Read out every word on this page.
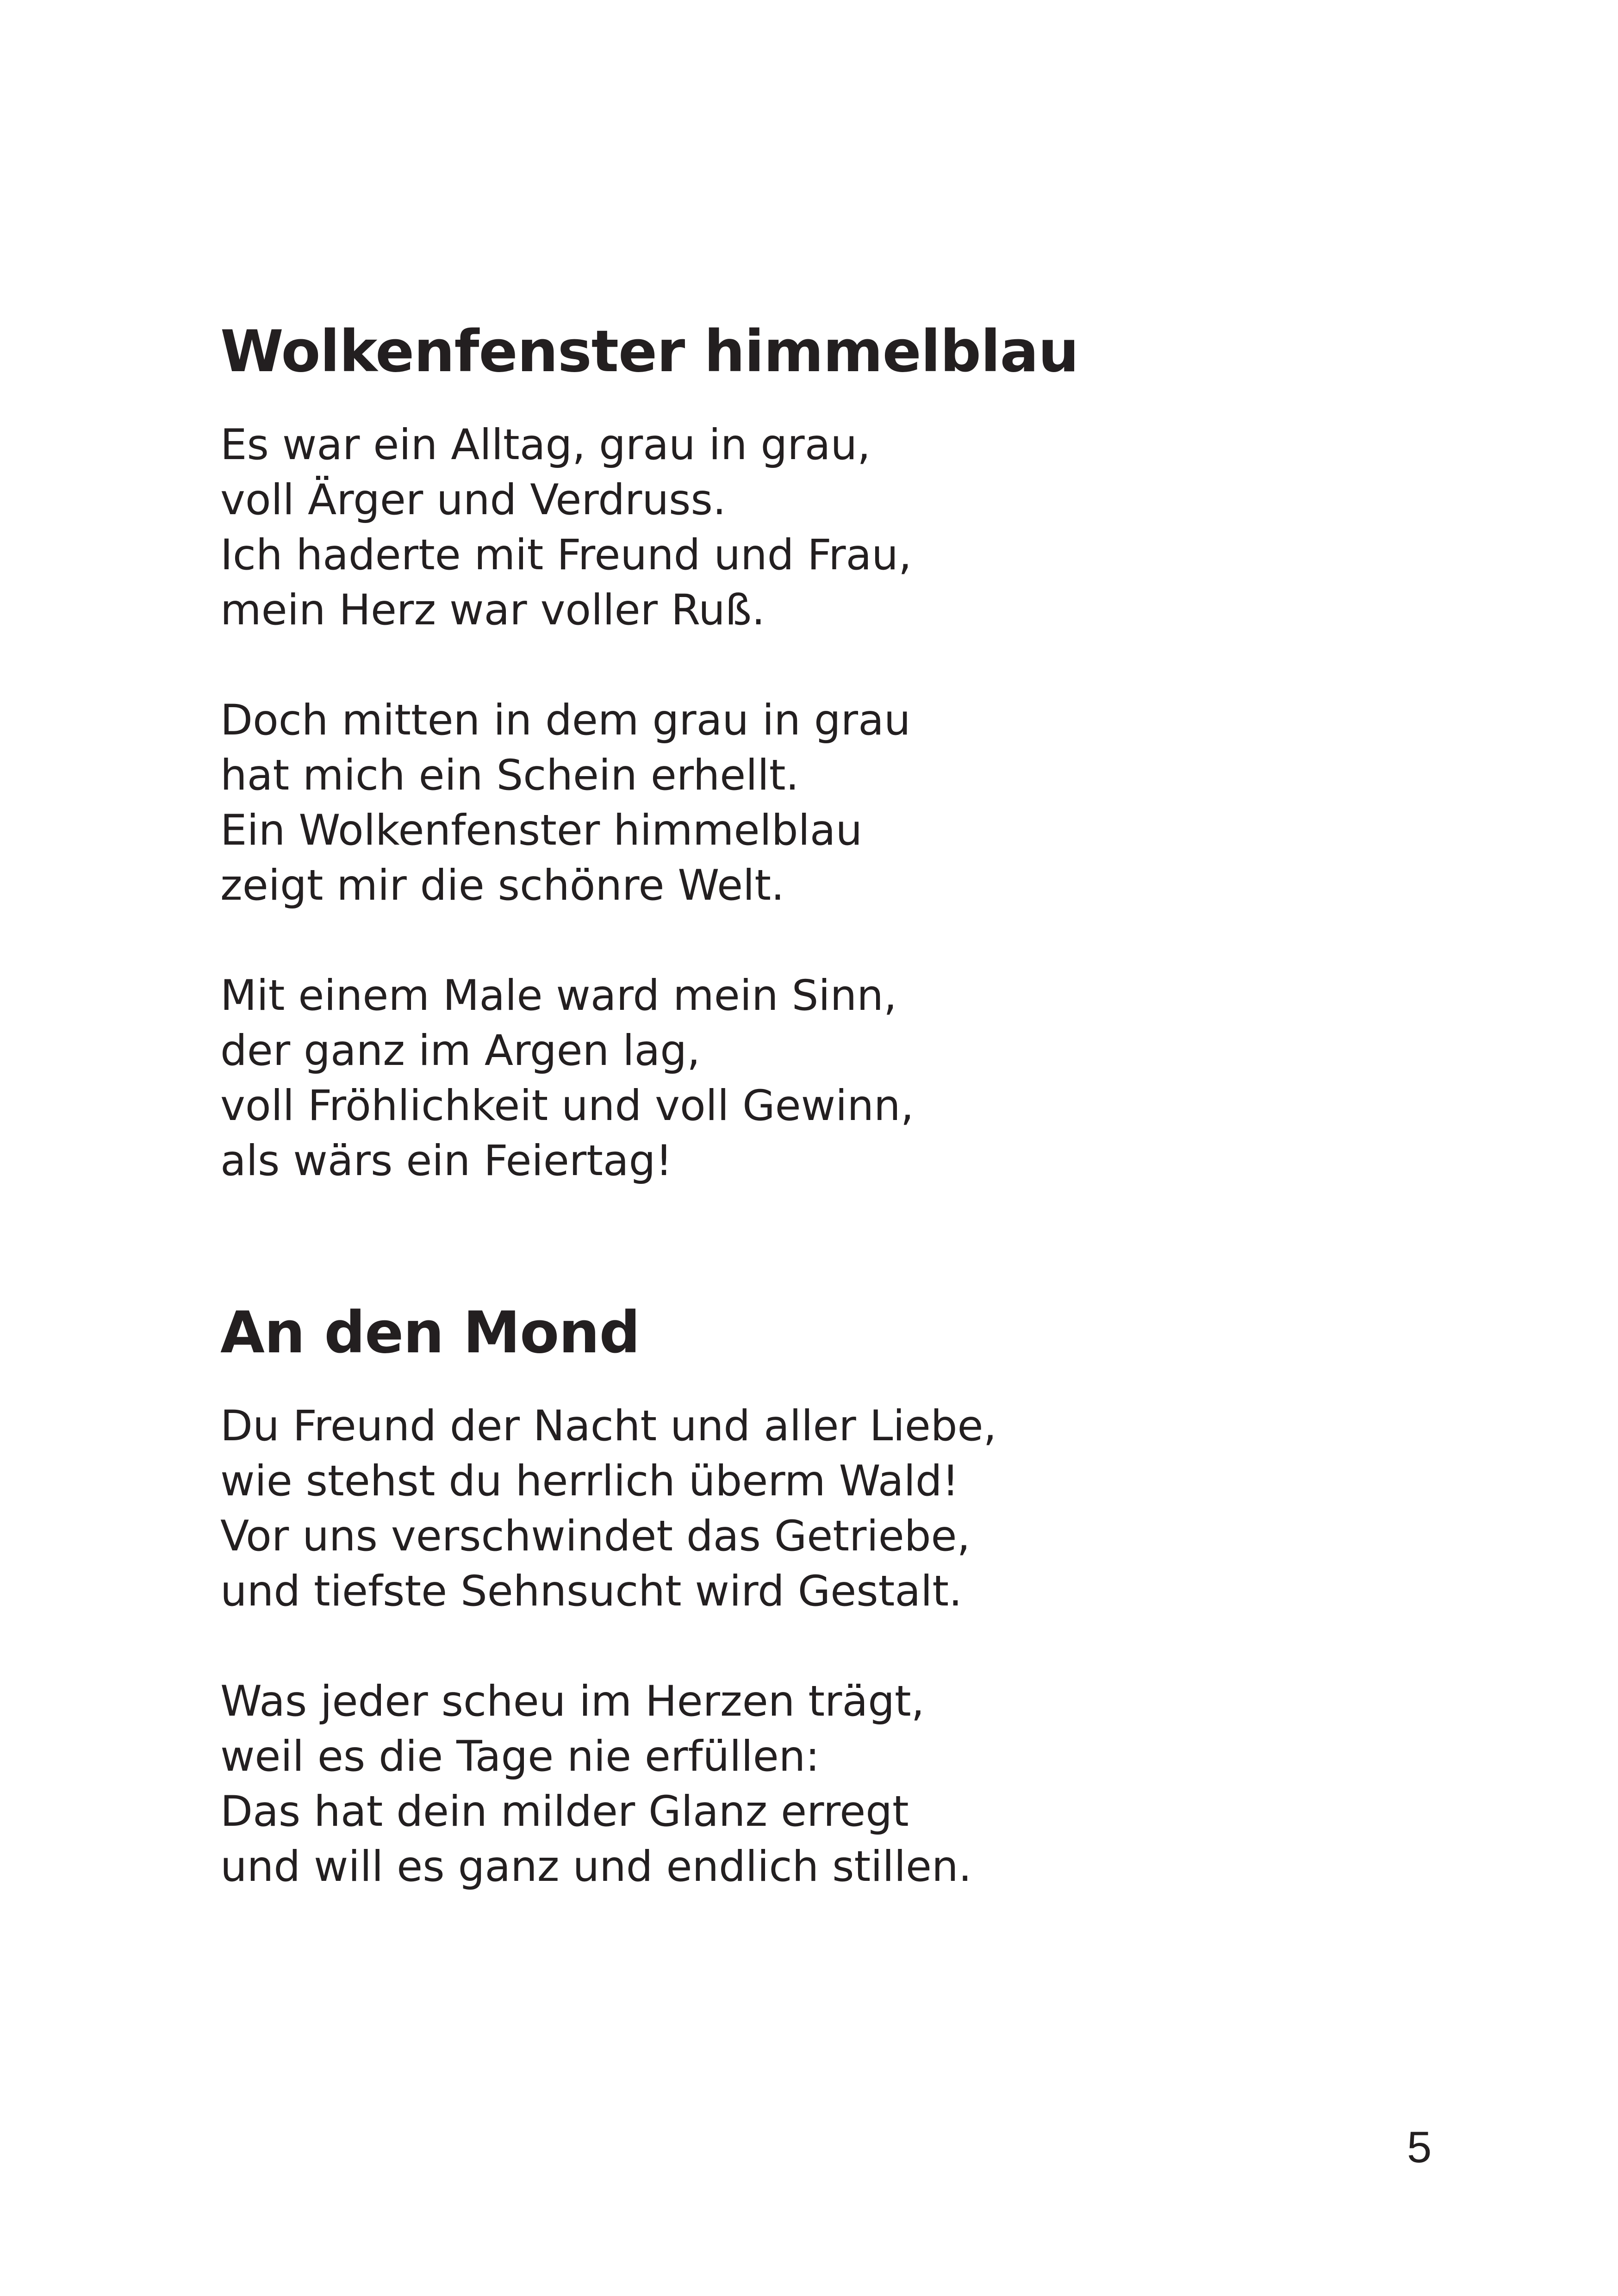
Wolkenfenster himmelblau
Es war ein Alltag, grau in grau,
voll Ärger und Verdruss.
Ich haderte mit Freund und Frau,
mein Herz war voller Ruß.
Doch mitten in dem grau in grau
hat mich ein Schein erhellt.
Ein Wolkenfenster himmelblau
zeigt mir die schönre Welt.
Mit einem Male ward mein Sinn,
der ganz im Argen lag,
voll Fröhlichkeit und voll Gewinn,
als wärs ein Feiertag!
An den Mond
Du Freund der Nacht und aller Liebe,
wie stehst du herrlich überm Wald!
Vor uns verschwindet das Getriebe,
und tiefste Sehnsucht wird Gestalt.
Was jeder scheu im Herzen trägt,
weil es die Tage nie erfüllen:
Das hat dein milder Glanz erregt
und will es ganz und endlich stillen.
5
